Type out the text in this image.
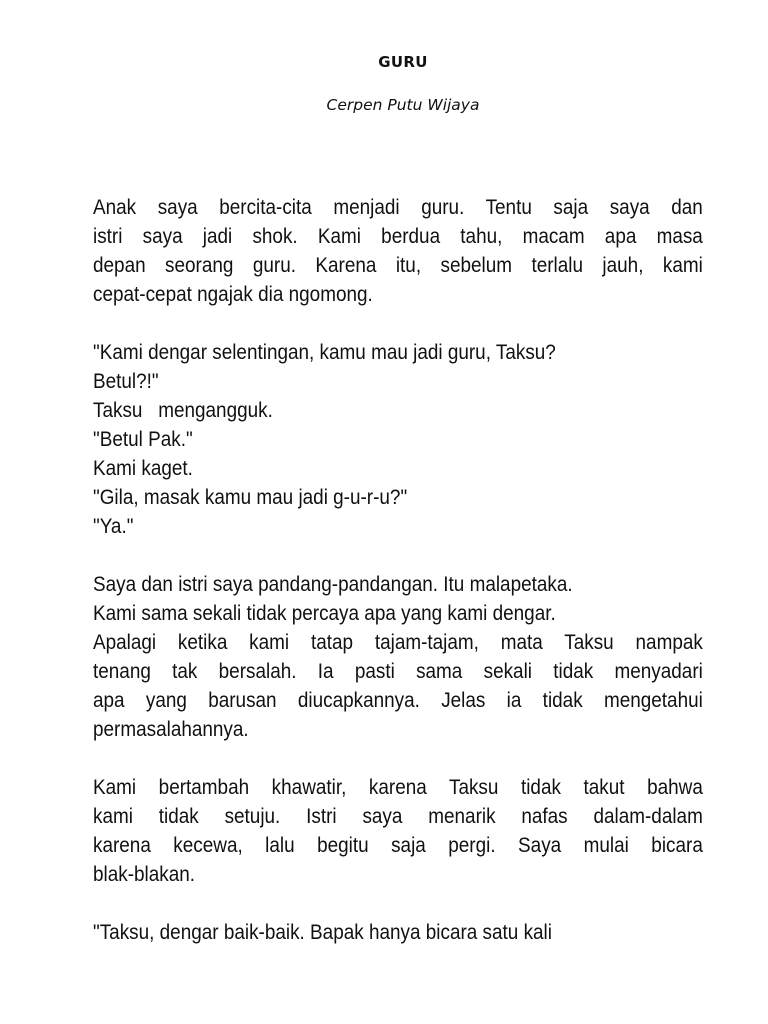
GURU
Cerpen Putu Wijaya
Anak saya bercita-cita menjadi guru. Tentu saja saya dan
istri saya jadi shok. Kami berdua tahu, macam apa masa
depan seorang guru. Karena itu, sebelum terlalu jauh, kami
cepat-cepat ngajak dia ngomong.
"Kami dengar selentingan, kamu mau jadi guru, Taksu?
Betul?!"
Taksu   mengangguk.
"Betul Pak."
Kami kaget.
"Gila, masak kamu mau jadi g-u-r-u?"
"Ya."
Saya dan istri saya pandang-pandangan. Itu malapetaka.
Kami sama sekali tidak percaya apa yang kami dengar.
Apalagi ketika kami tatap tajam-tajam, mata Taksu nampak
tenang tak bersalah. Ia pasti sama sekali tidak menyadari
apa yang barusan diucapkannya. Jelas ia tidak mengetahui
permasalahannya.
Kami bertambah khawatir, karena Taksu tidak takut bahwa
kami tidak setuju. Istri saya menarik nafas dalam-dalam
karena kecewa, lalu begitu saja pergi. Saya mulai bicara
blak-blakan.
"Taksu, dengar baik-baik. Bapak hanya bicara satu kali
